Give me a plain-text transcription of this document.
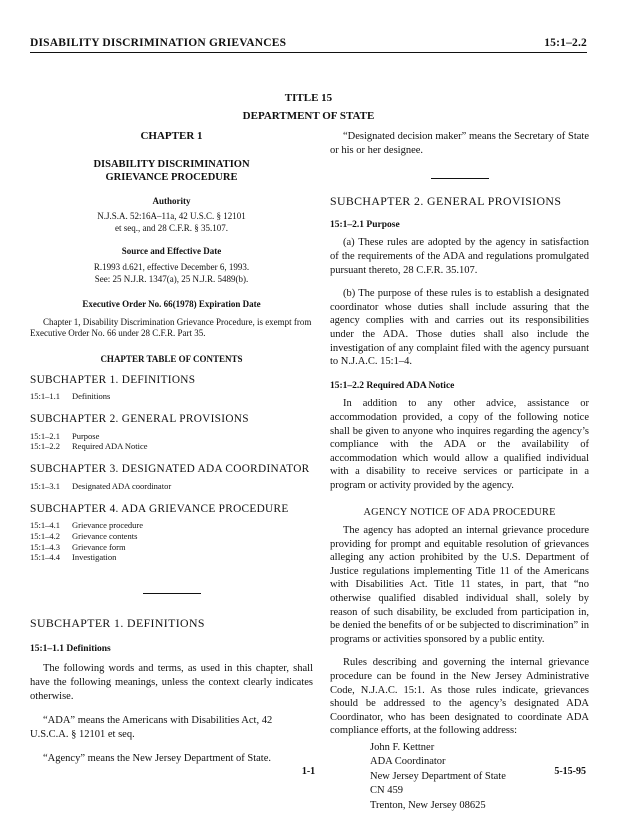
DISABILITY DISCRIMINATION GRIEVANCES	15:1–2.2
TITLE 15
DEPARTMENT OF STATE

CHAPTER 1

DISABILITY DISCRIMINATION
GRIEVANCE PROCEDURE

Authority

N.J.S.A. 52:16A–11a, 42 U.S.C. § 12101

et seq., and 28 C.F.R. § 35.107.

Source and Effective Date

R.1993 d.621, effective December 6, 1993.

See: 25 N.J.R. 1347(a), 25 N.J.R. 5489(b).

Executive Order No. 66(1978) Expiration Date

Chapter 1, Disability Discrimination Grievance Procedure, is exempt from Executive Order No. 66 under 28 C.F.R. Part 35.

CHAPTER TABLE OF CONTENTS

SUBCHAPTER 1. DEFINITIONS

15:1–1.1	Definitions

SUBCHAPTER 2. GENERAL PROVISIONS

15:1–2.1	Purpose
15:1–2.2	Required ADA Notice

SUBCHAPTER 3. DESIGNATED ADA COORDINATOR

15:1–3.1	Designated ADA coordinator

SUBCHAPTER 4. ADA GRIEVANCE PROCEDURE

15:1–4.1	Grievance procedure
15:1–4.2	Grievance contents
15:1–4.3	Grievance form
15:1–4.4	Investigation

SUBCHAPTER 1. DEFINITIONS

15:1–1.1 Definitions

The following words and terms, as used in this chapter, shall have the following meanings, unless the context clearly indicates otherwise.

“ADA” means the Americans with Disabilities Act, 42 U.S.C.A. § 12101 et seq.

“Agency” means the New Jersey Department of State.

“Designated decision maker” means the Secretary of State or his or her designee.

SUBCHAPTER 2. GENERAL PROVISIONS

15:1–2.1 Purpose

(a) These rules are adopted by the agency in satisfaction of the requirements of the ADA and regulations promulgated pursuant thereto, 28 C.F.R. 35.107.

(b) The purpose of these rules is to establish a designated coordinator whose duties shall include assuring that the agency complies with and carries out its responsibilities under the ADA. Those duties shall also include the investigation of any complaint filed with the agency pursuant to N.J.A.C. 15:1–4.

15:1–2.2 Required ADA Notice

In addition to any other advice, assistance or accommodation provided, a copy of the following notice shall be given to anyone who inquires regarding the agency’s compliance with the ADA or the availability of accommodation which would allow a qualified individual with a disability to receive services or participate in a program or activity provided by the agency.

AGENCY NOTICE OF ADA PROCEDURE

The agency has adopted an internal grievance procedure providing for prompt and equitable resolution of grievances alleging any action prohibited by the U.S. Department of Justice regulations implementing Title 11 of the Americans with Disabilities Act. Title 11 states, in part, that “no otherwise qualified disabled individual shall, solely by reason of such disability, be excluded from participation in, be denied the benefits of or be subjected to discrimination” in programs or activities sponsored by a public entity.

Rules describing and governing the internal grievance procedure can be found in the New Jersey Administrative Code, N.J.A.C. 15:1. As those rules indicate, grievances should be addressed to the agency’s designated ADA Coordinator, who has been designated to coordinate ADA compliance efforts, at the following address:

John F. Kettner
ADA Coordinator
New Jersey Department of State
CN 459
Trenton, New Jersey 08625
1-1	5-15-95
